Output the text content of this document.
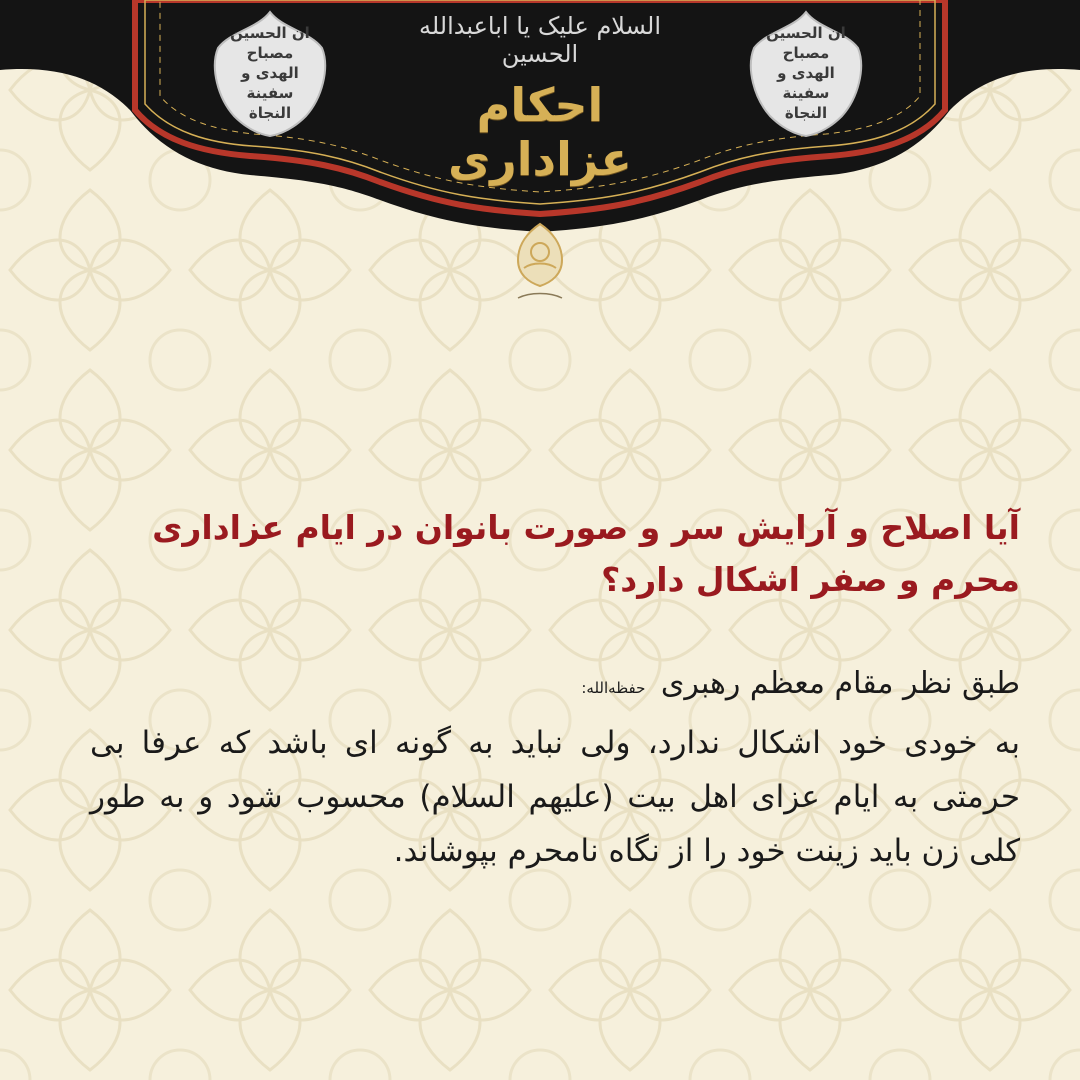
السلام علیک یا اباعبدالله الحسین
احکام عزاداری
ان الحسین مصباح الهدی و سفینة النجاة
ان الحسین مصباح الهدی و سفینة النجاة
آیا اصلاح و آرایش سر و صورت بانوان در ایام عزاداری محرم و صفر اشکال دارد؟
طبق نظر مقام معظم رهبری حفظه‌الله:
به خودی خود اشکال ندارد، ولی نباید به گونه ای باشد که عرفا بی حرمتی به ایام عزای اهل بیت (علیهم السلام) محسوب شود و به طور کلی زن باید زینت خود را از نگاه نامحرم بپوشاند.
